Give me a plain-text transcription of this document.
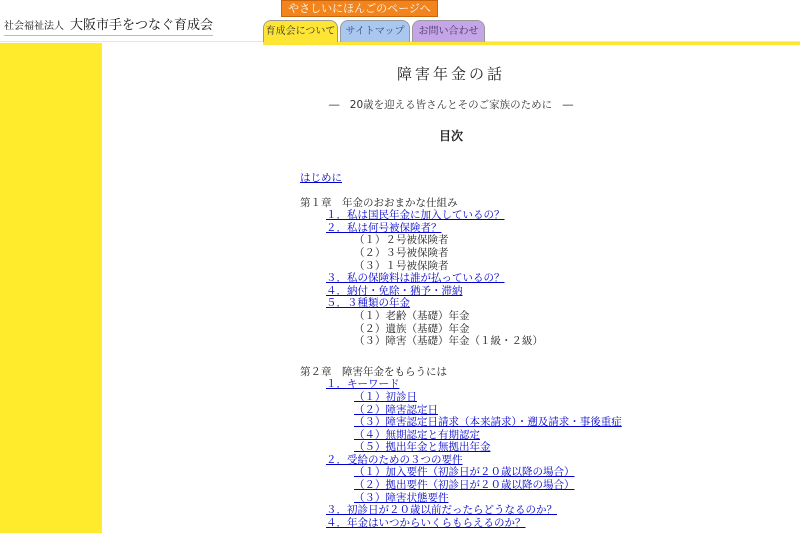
社会福祉法人 大阪市手をつなぐ育成会
やさしいにほんごのページへ
育成会について	サイトマップ	お問い合わせ
障害年金の話
―　20歳を迎える皆さんとそのご家族のために　―
目次
はじめに
第１章　年金のおおまかな仕組み
１．私は国民年金に加入しているの？
２．私は何号被保険者？
（１）２号被保険者
（２）３号被保険者
（３）１号被保険者
３．私の保険料は誰が払っているの？
４．納付・免除・猶予・滞納
５．３種類の年金
（１）老齢（基礎）年金
（２）遺族（基礎）年金
（３）障害（基礎）年金（１級・２級）
第２章　障害年金をもらうには
１．キーワード
（１）初診日
（２）障害認定日
（３）障害認定日請求（本来請求）・遡及請求・事後重症
（４）無期認定と有期認定
（５）拠出年金と無拠出年金
２．受給のための３つの要件
（１）加入要件（初診日が２０歳以降の場合）
（２）拠出要件（初診日が２０歳以降の場合）
（３）障害状態要件
３．初診日が２０歳以前だったらどうなるのか？
４．年金はいつからいくらもらえるのか？
